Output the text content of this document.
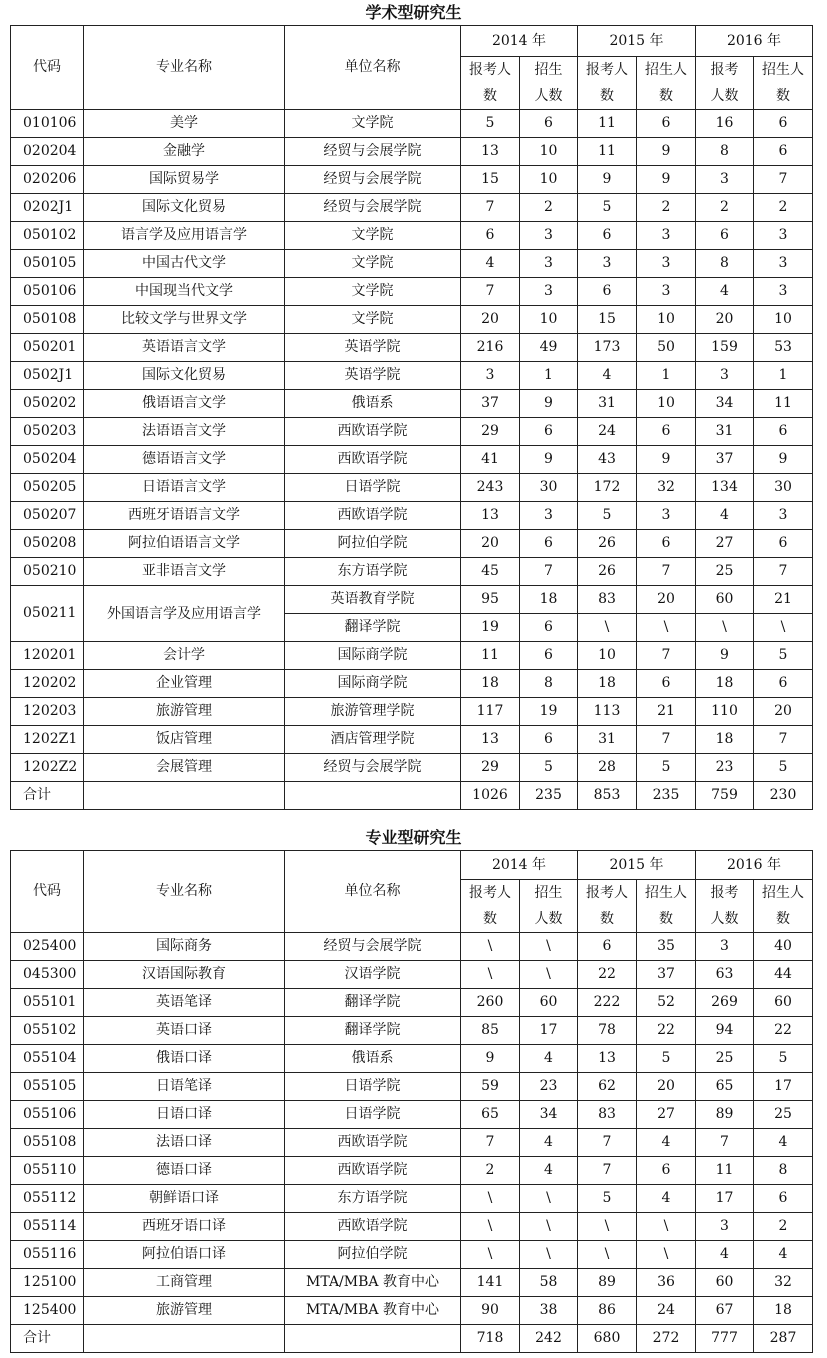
学术型研究生
代码	专业名称	单位名称	2014 年		2015 年		2016 年	
			报考人数	招生人数	报考人数	招生人数	报考人数	招生人数
010106	美学	文学院	5	6	11	6	16	6
020204	金融学	经贸与会展学院	13	10	11	9	8	6
020206	国际贸易学	经贸与会展学院	15	10	9	9	3	7
0202J1	国际文化贸易	经贸与会展学院	7	2	5	2	2	2
050102	语言学及应用语言学	文学院	6	3	6	3	6	3
050105	中国古代文学	文学院	4	3	3	3	8	3
050106	中国现当代文学	文学院	7	3	6	3	4	3
050108	比较文学与世界文学	文学院	20	10	15	10	20	10
050201	英语语言文学	英语学院	216	49	173	50	159	53
0502J1	国际文化贸易	英语学院	3	1	4	1	3	1
050202	俄语语言文学	俄语系	37	9	31	10	34	11
050203	法语语言文学	西欧语学院	29	6	24	6	31	6
050204	德语语言文学	西欧语学院	41	9	43	9	37	9
050205	日语语言文学	日语学院	243	30	172	32	134	30
050207	西班牙语语言文学	西欧语学院	13	3	5	3	4	3
050208	阿拉伯语语言文学	阿拉伯学院	20	6	26	6	27	6
050210	亚非语言文学	东方语学院	45	7	26	7	25	7
050211	外国语言学及应用语言学	英语教育学院	95	18	83	20	60	21
		翻译学院	19	6	\	\	\	\
120201	会计学	国际商学院	11	6	10	7	9	5
120202	企业管理	国际商学院	18	8	18	6	18	6
120203	旅游管理	旅游管理学院	117	19	113	21	110	20
1202Z1	饭店管理	酒店管理学院	13	6	31	7	18	7
1202Z2	会展管理	经贸与会展学院	29	5	28	5	23	5
合计			1026	235	853	235	759	230
专业型研究生
代码	专业名称	单位名称	2014 年		2015 年		2016 年	
			报考人数	招生人数	报考人数	招生人数	报考人数	招生人数
025400	国际商务	经贸与会展学院	\	\	6	35	3	40
045300	汉语国际教育	汉语学院	\	\	22	37	63	44
055101	英语笔译	翻译学院	260	60	222	52	269	60
055102	英语口译	翻译学院	85	17	78	22	94	22
055104	俄语口译	俄语系	9	4	13	5	25	5
055105	日语笔译	日语学院	59	23	62	20	65	17
055106	日语口译	日语学院	65	34	83	27	89	25
055108	法语口译	西欧语学院	7	4	7	4	7	4
055110	德语口译	西欧语学院	2	4	7	6	11	8
055112	朝鲜语口译	东方语学院	\	\	5	4	17	6
055114	西班牙语口译	西欧语学院	\	\	\	\	3	2
055116	阿拉伯语口译	阿拉伯学院	\	\	\	\	4	4
125100	工商管理	MTA/MBA 教育中心	141	58	89	36	60	32
125400	旅游管理	MTA/MBA 教育中心	90	38	86	24	67	18
合计			718	242	680	272	777	287
